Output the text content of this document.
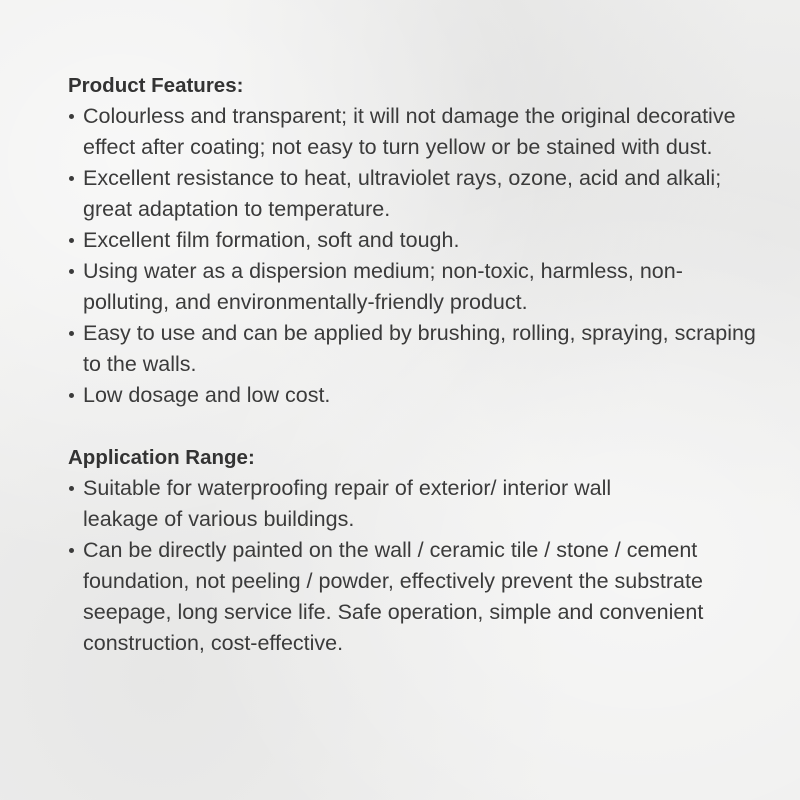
Product Features:
Colourless and transparent; it will not damage the original decorative effect after coating; not easy to turn yellow or be stained with dust.
Excellent resistance to heat, ultraviolet rays, ozone, acid and alkali; great adaptation to temperature.
Excellent film formation, soft and tough.
Using water as a dispersion medium; non-toxic, harmless, non-polluting, and environmentally-friendly product.
Easy to use and can be applied by brushing, rolling, spraying, scraping to the walls.
Low dosage and low cost.
Application Range:
Suitable for waterproofing repair of exterior/ interior wall leakage of various buildings.
Can be directly painted on the wall / ceramic tile / stone / cement foundation, not peeling / powder, effectively prevent the substrate seepage, long service life. Safe operation, simple and convenient construction, cost-effective.
